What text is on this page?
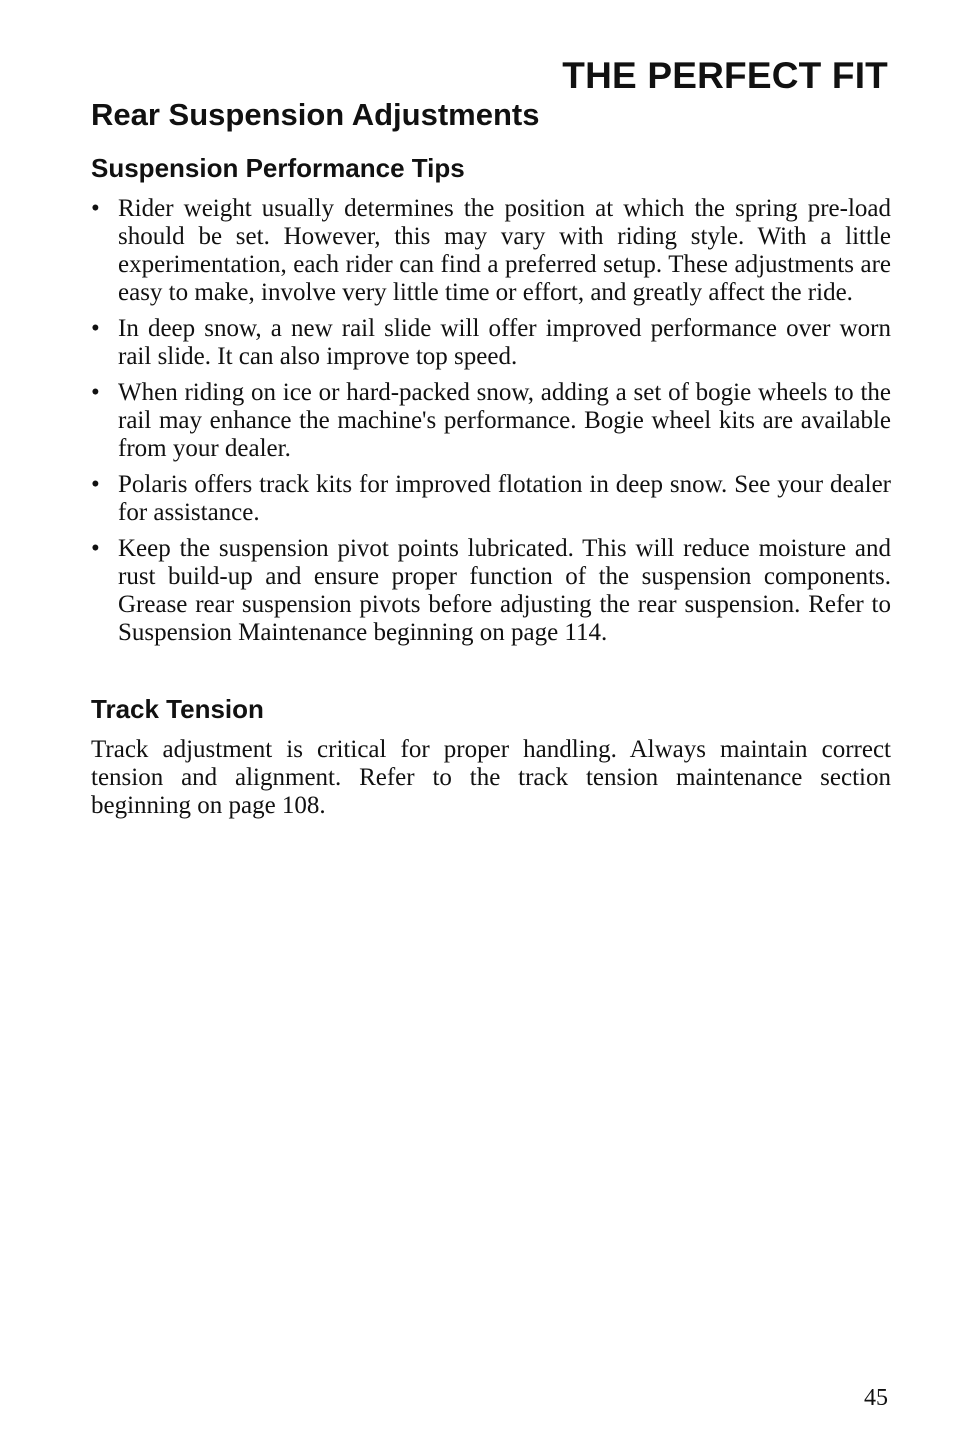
THE PERFECT FIT
Rear Suspension Adjustments
Suspension Performance Tips
• Rider weight usually determines the position at which the spring pre-load should be set. However, this may vary with riding style. With a little experimentation, each rider can find a preferred setup. These adjustments are easy to make, involve very little time or effort, and greatly affect the ride.
• In deep snow, a new rail slide will offer improved performance over worn rail slide. It can also improve top speed.
• When riding on ice or hard-packed snow, adding a set of bogie wheels to the rail may enhance the machine's performance. Bogie wheel kits are available from your dealer.
• Polaris offers track kits for improved flotation in deep snow. See your dealer for assistance.
• Keep the suspension pivot points lubricated. This will reduce moisture and rust build-up and ensure proper function of the suspension components. Grease rear suspension pivots before adjusting the rear suspension. Refer to Suspension Maintenance beginning on page 114.
Track Tension

Track adjustment is critical for proper handling. Always maintain correct tension and alignment. Refer to the track tension maintenance section beginning on page 108.

45
